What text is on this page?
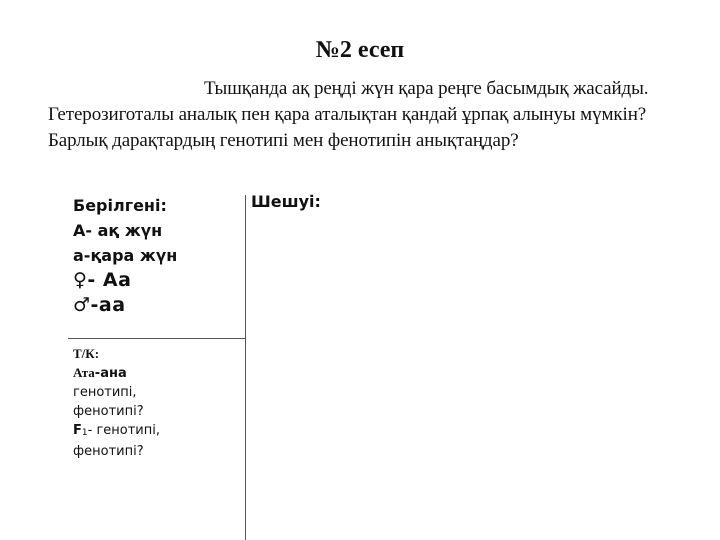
№2 есеп
Тышқанда ақ реңді жүн қара реңге басымдық жасайды. Гетерозиготалы аналық пен қара аталықтан қандай ұрпақ алынуы мүмкін? Барлық дарақтардың генотипі мен фенотипін анықтаңдар?
Берілгені:
А- ақ жүн
а-қара жүн
♀- Аа
♂-аа
Шешуі:
Т/К:
Ата-ана
генотипі,
фенотипі?
$F_1-$ генотипі,
фенотипі?
